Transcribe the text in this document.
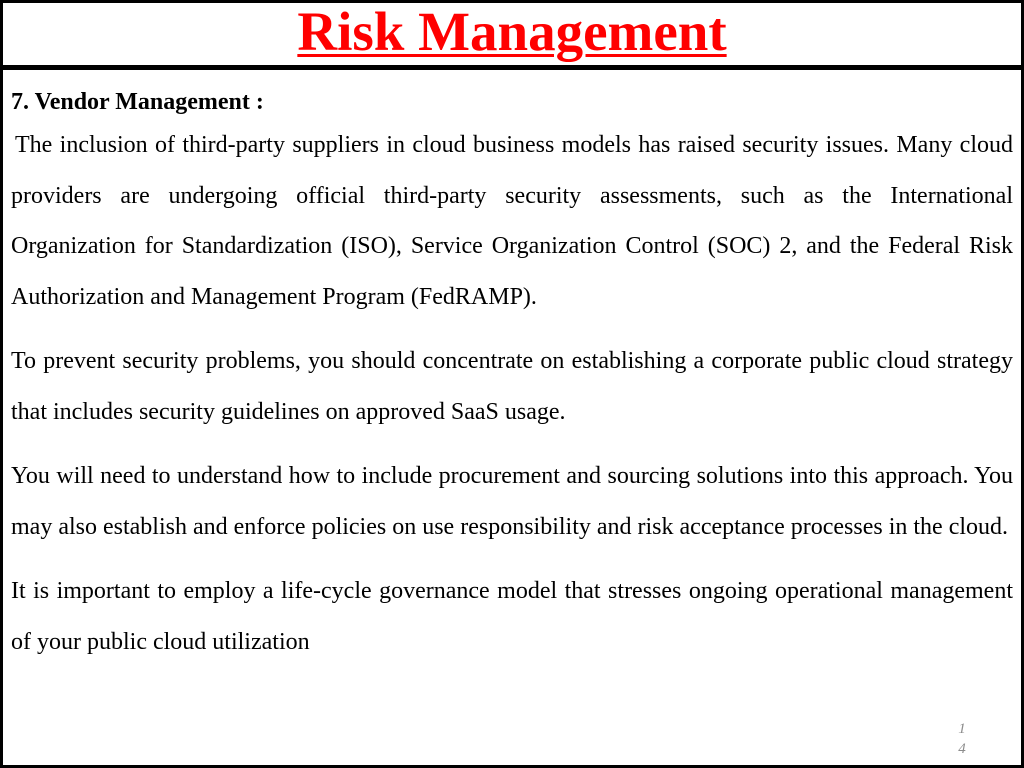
Risk Management

7. Vendor Management :

The inclusion of third-party suppliers in cloud business models has raised security issues. Many cloud providers are undergoing official third-party security assessments, such as the International Organization for Standardization (ISO), Service Organization Control (SOC) 2, and the Federal Risk Authorization and Management Program (FedRAMP).

To prevent security problems, you should concentrate on establishing a corporate public cloud strategy that includes security guidelines on approved SaaS usage.

You will need to understand how to include procurement and sourcing solutions into this approach. You may also establish and enforce policies on use responsibility and risk acceptance processes in the cloud.

It is important to employ a life-cycle governance model that stresses ongoing operational management of your public cloud utilization

14
